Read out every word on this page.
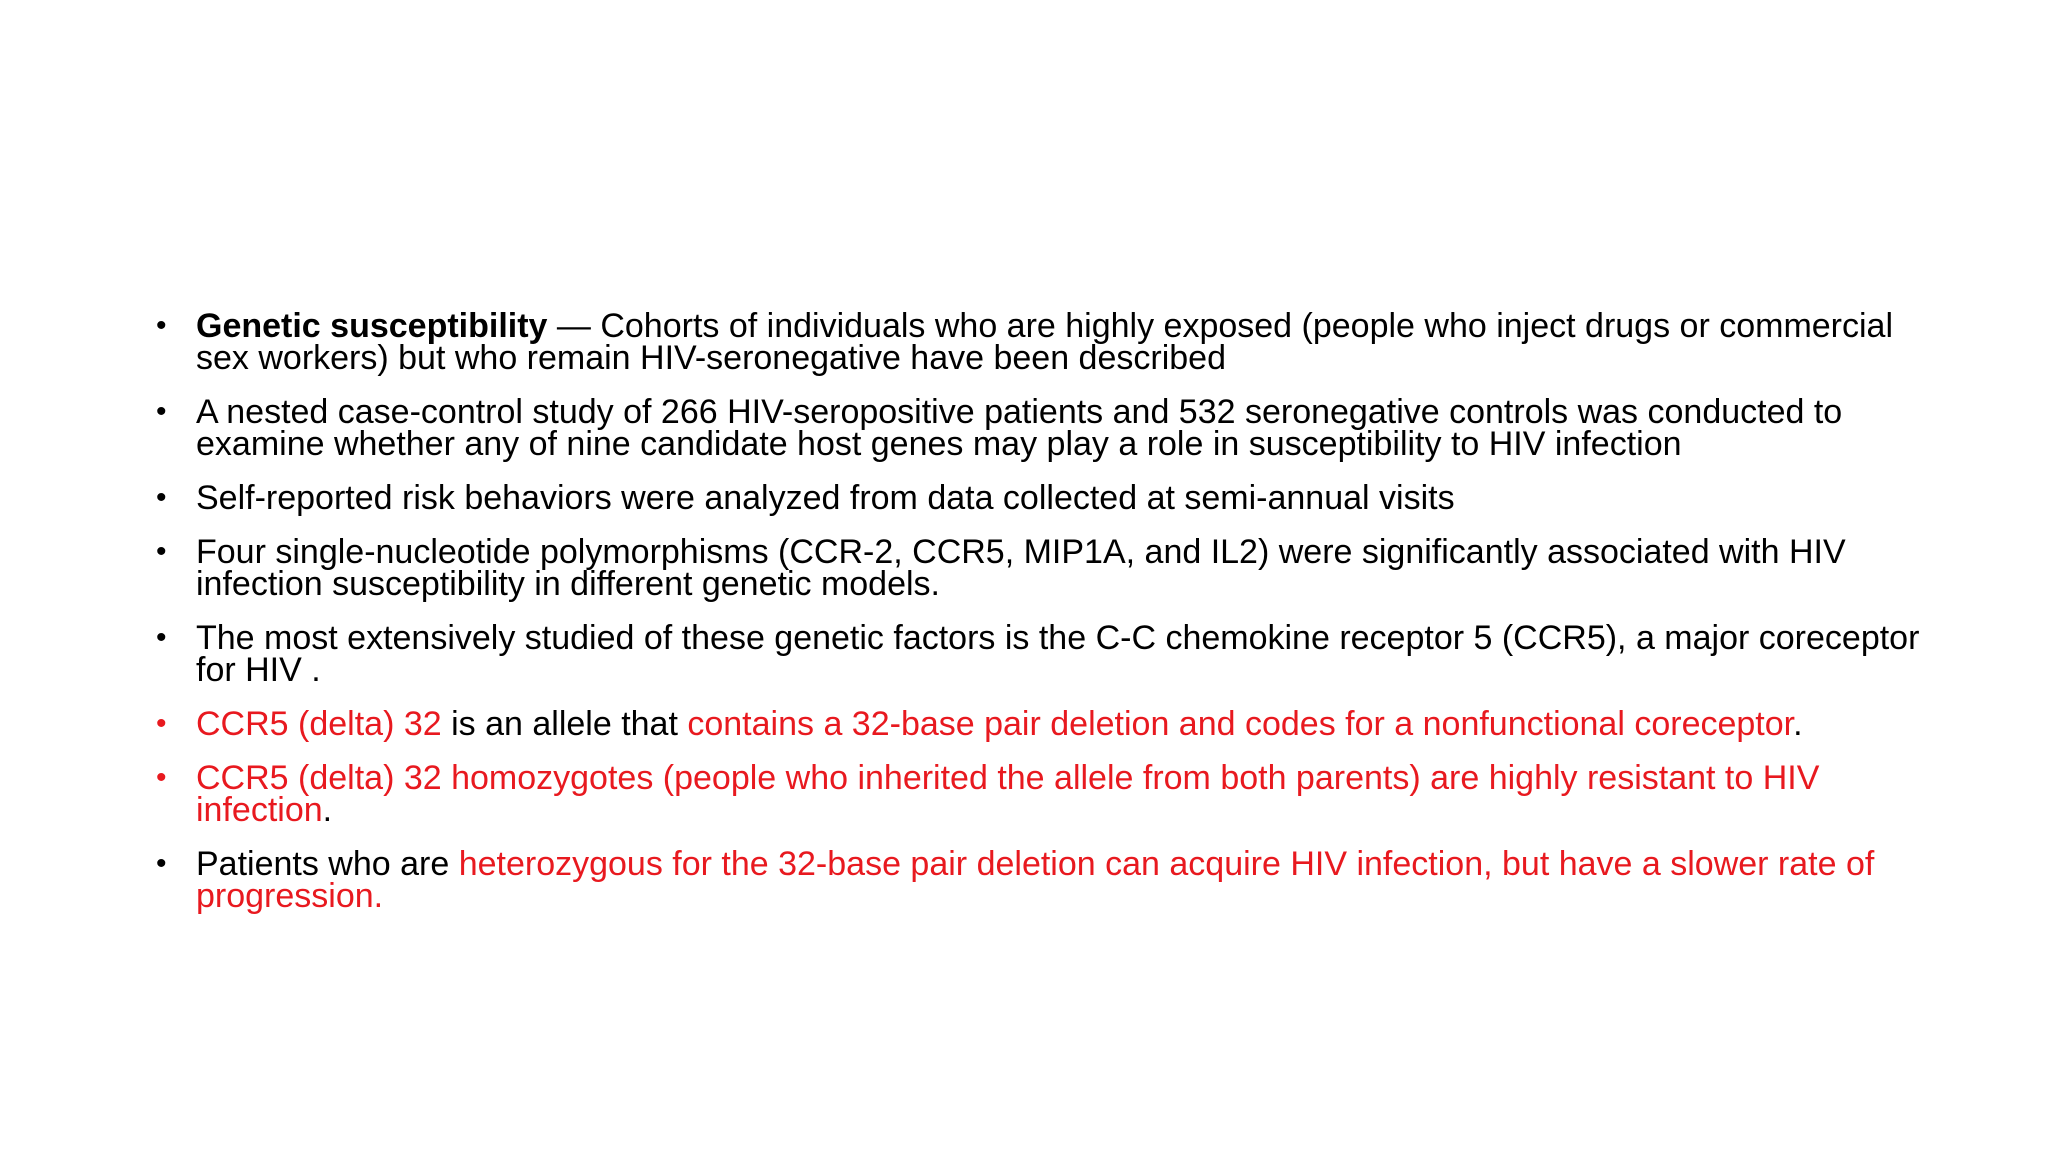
• Genetic susceptibility — Cohorts of individuals who are highly exposed (people who inject drugs or commercial sex workers) but who remain HIV-seronegative have been described
• A nested case-control study of 266 HIV-seropositive patients and 532 seronegative controls was conducted to examine whether any of nine candidate host genes may play a role in susceptibility to HIV infection
• Self-reported risk behaviors were analyzed from data collected at semi-annual visits
• Four single-nucleotide polymorphisms (CCR-2, CCR5, MIP1A, and IL2) were significantly associated with HIV infection susceptibility in different genetic models.
• The most extensively studied of these genetic factors is the C-C chemokine receptor 5 (CCR5), a major coreceptor for HIV .
• CCR5 (delta) 32 is an allele that contains a 32-base pair deletion and codes for a nonfunctional coreceptor.
• CCR5 (delta) 32 homozygotes (people who inherited the allele from both parents) are highly resistant to HIV infection.
• Patients who are heterozygous for the 32-base pair deletion can acquire HIV infection, but have a slower rate of progression.
